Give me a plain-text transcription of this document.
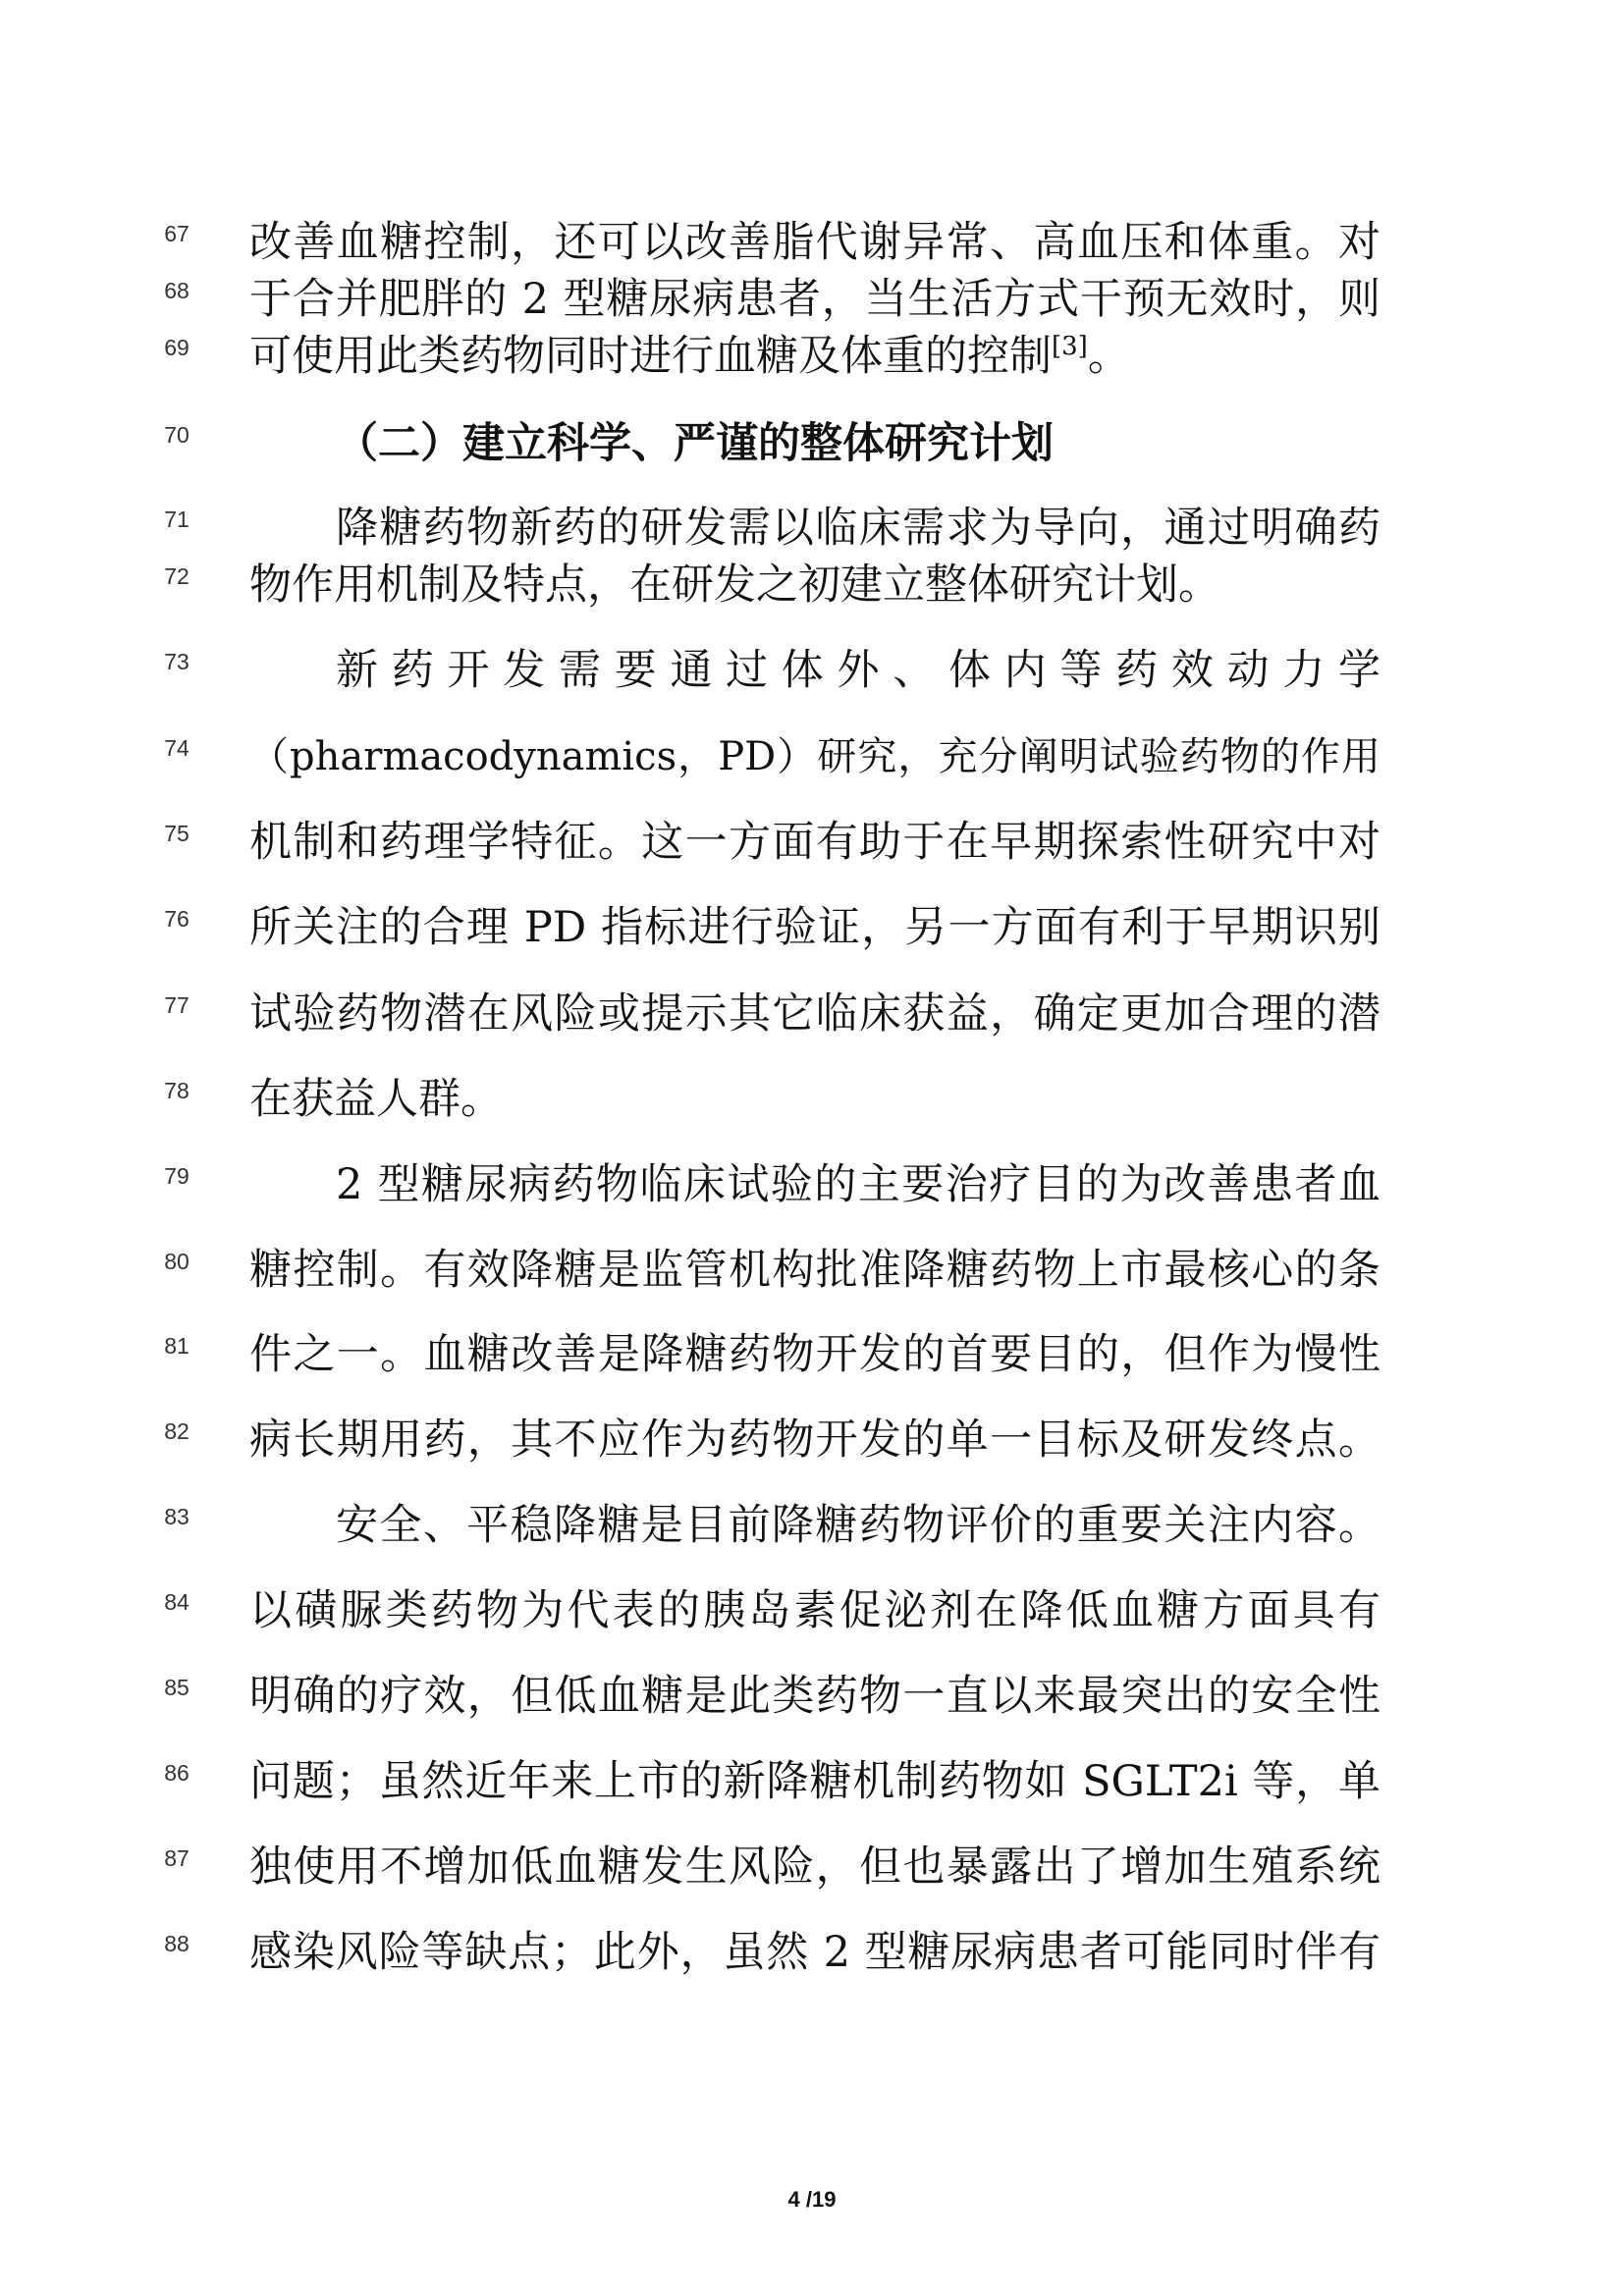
67	改善血糖控制，还可以改善脂代谢异常、高血压和体重。对
68	于合并肥胖的 2 型糖尿病患者，当生活方式干预无效时，则
69	可使用此类药物同时进行血糖及体重的控制[3]。
70	（二）建立科学、严谨的整体研究计划
71	降糖药物新药的研发需以临床需求为导向，通过明确药
72	物作用机制及特点，在研发之初建立整体研究计划。
73	新药开发需要通过体外、体内等药效动力学
74	（pharmacodynamics，PD）研究，充分阐明试验药物的作用
75	机制和药理学特征。这一方面有助于在早期探索性研究中对
76	所关注的合理 PD 指标进行验证，另一方面有利于早期识别
77	试验药物潜在风险或提示其它临床获益，确定更加合理的潜
78	在获益人群。
79	2 型糖尿病药物临床试验的主要治疗目的为改善患者血
80	糖控制。有效降糖是监管机构批准降糖药物上市最核心的条
81	件之一。血糖改善是降糖药物开发的首要目的，但作为慢性
82	病长期用药，其不应作为药物开发的单一目标及研发终点。
83	安全、平稳降糖是目前降糖药物评价的重要关注内容。
84	以磺脲类药物为代表的胰岛素促泌剂在降低血糖方面具有
85	明确的疗效，但低血糖是此类药物一直以来最突出的安全性
86	问题；虽然近年来上市的新降糖机制药物如 SGLT2i 等，单
87	独使用不增加低血糖发生风险，但也暴露出了增加生殖系统
88	感染风险等缺点；此外，虽然 2 型糖尿病患者可能同时伴有
4 /19
